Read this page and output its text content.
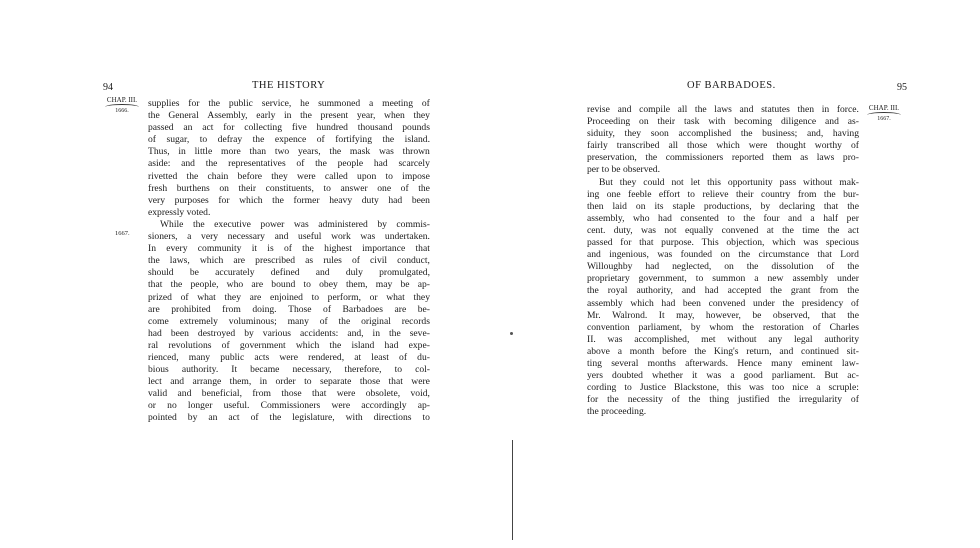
94	THE HISTORY
CHAP. III.
1666.
1667.
supplies for the public service, he summoned a meeting of
the General Assembly, early in the present year, when they
passed an act for collecting five hundred thousand pounds
of sugar, to defray the expence of fortifying the island.
Thus, in little more than two years, the mask was thrown
aside: and the representatives of the people had scarcely
rivetted the chain before they were called upon to impose
fresh burthens on their constituents, to answer one of the
very purposes for which the former heavy duty had been
expressly voted.
While the executive power was administered by commis-
sioners, a very necessary and useful work was undertaken.
In every community it is of the highest importance that
the laws, which are prescribed as rules of civil conduct,
should be accurately defined and duly promulgated,
that the people, who are bound to obey them, may be ap-
prized of what they are enjoined to perform, or what they
are prohibited from doing. Those of Barbadoes are be-
come extremely voluminous; many of the original records
had been destroyed by various accidents: and, in the seve-
ral revolutions of government which the island had expe-
rienced, many public acts were rendered, at least of du-
bious authority. It became necessary, therefore, to col-
lect and arrange them, in order to separate those that were
valid and beneficial, from those that were obsolete, void,
or no longer useful. Commissioners were accordingly ap-
pointed by an act of the legislature, with directions to
95
OF BARBADOES.
CHAP. III.
1667.
revise and compile all the laws and statutes then in force.
Proceeding on their task with becoming diligence and as-
siduity, they soon accomplished the business; and, having
fairly transcribed all those which were thought worthy of
preservation, the commissioners reported them as laws pro-
per to be observed.
But they could not let this opportunity pass without mak-
ing one feeble effort to relieve their country from the bur-
then laid on its staple productions, by declaring that the
assembly, who had consented to the four and a half per
cent. duty, was not equally convened at the time the act
passed for that purpose. This objection, which was specious
and ingenious, was founded on the circumstance that Lord
Willoughby had neglected, on the dissolution of the
proprietary government, to summon a new assembly under
the royal authority, and had accepted the grant from the
assembly which had been convened under the presidency of
Mr. Walrond. It may, however, be observed, that the
convention parliament, by whom the restoration of Charles
II. was accomplished, met without any legal authority
above a month before the King's return, and continued sit-
ting several months afterwards. Hence many eminent law-
yers doubted whether it was a good parliament. But ac-
cording to Justice Blackstone, this was too nice a scruple:
for the necessity of the thing justified the irregularity of
the proceeding.
